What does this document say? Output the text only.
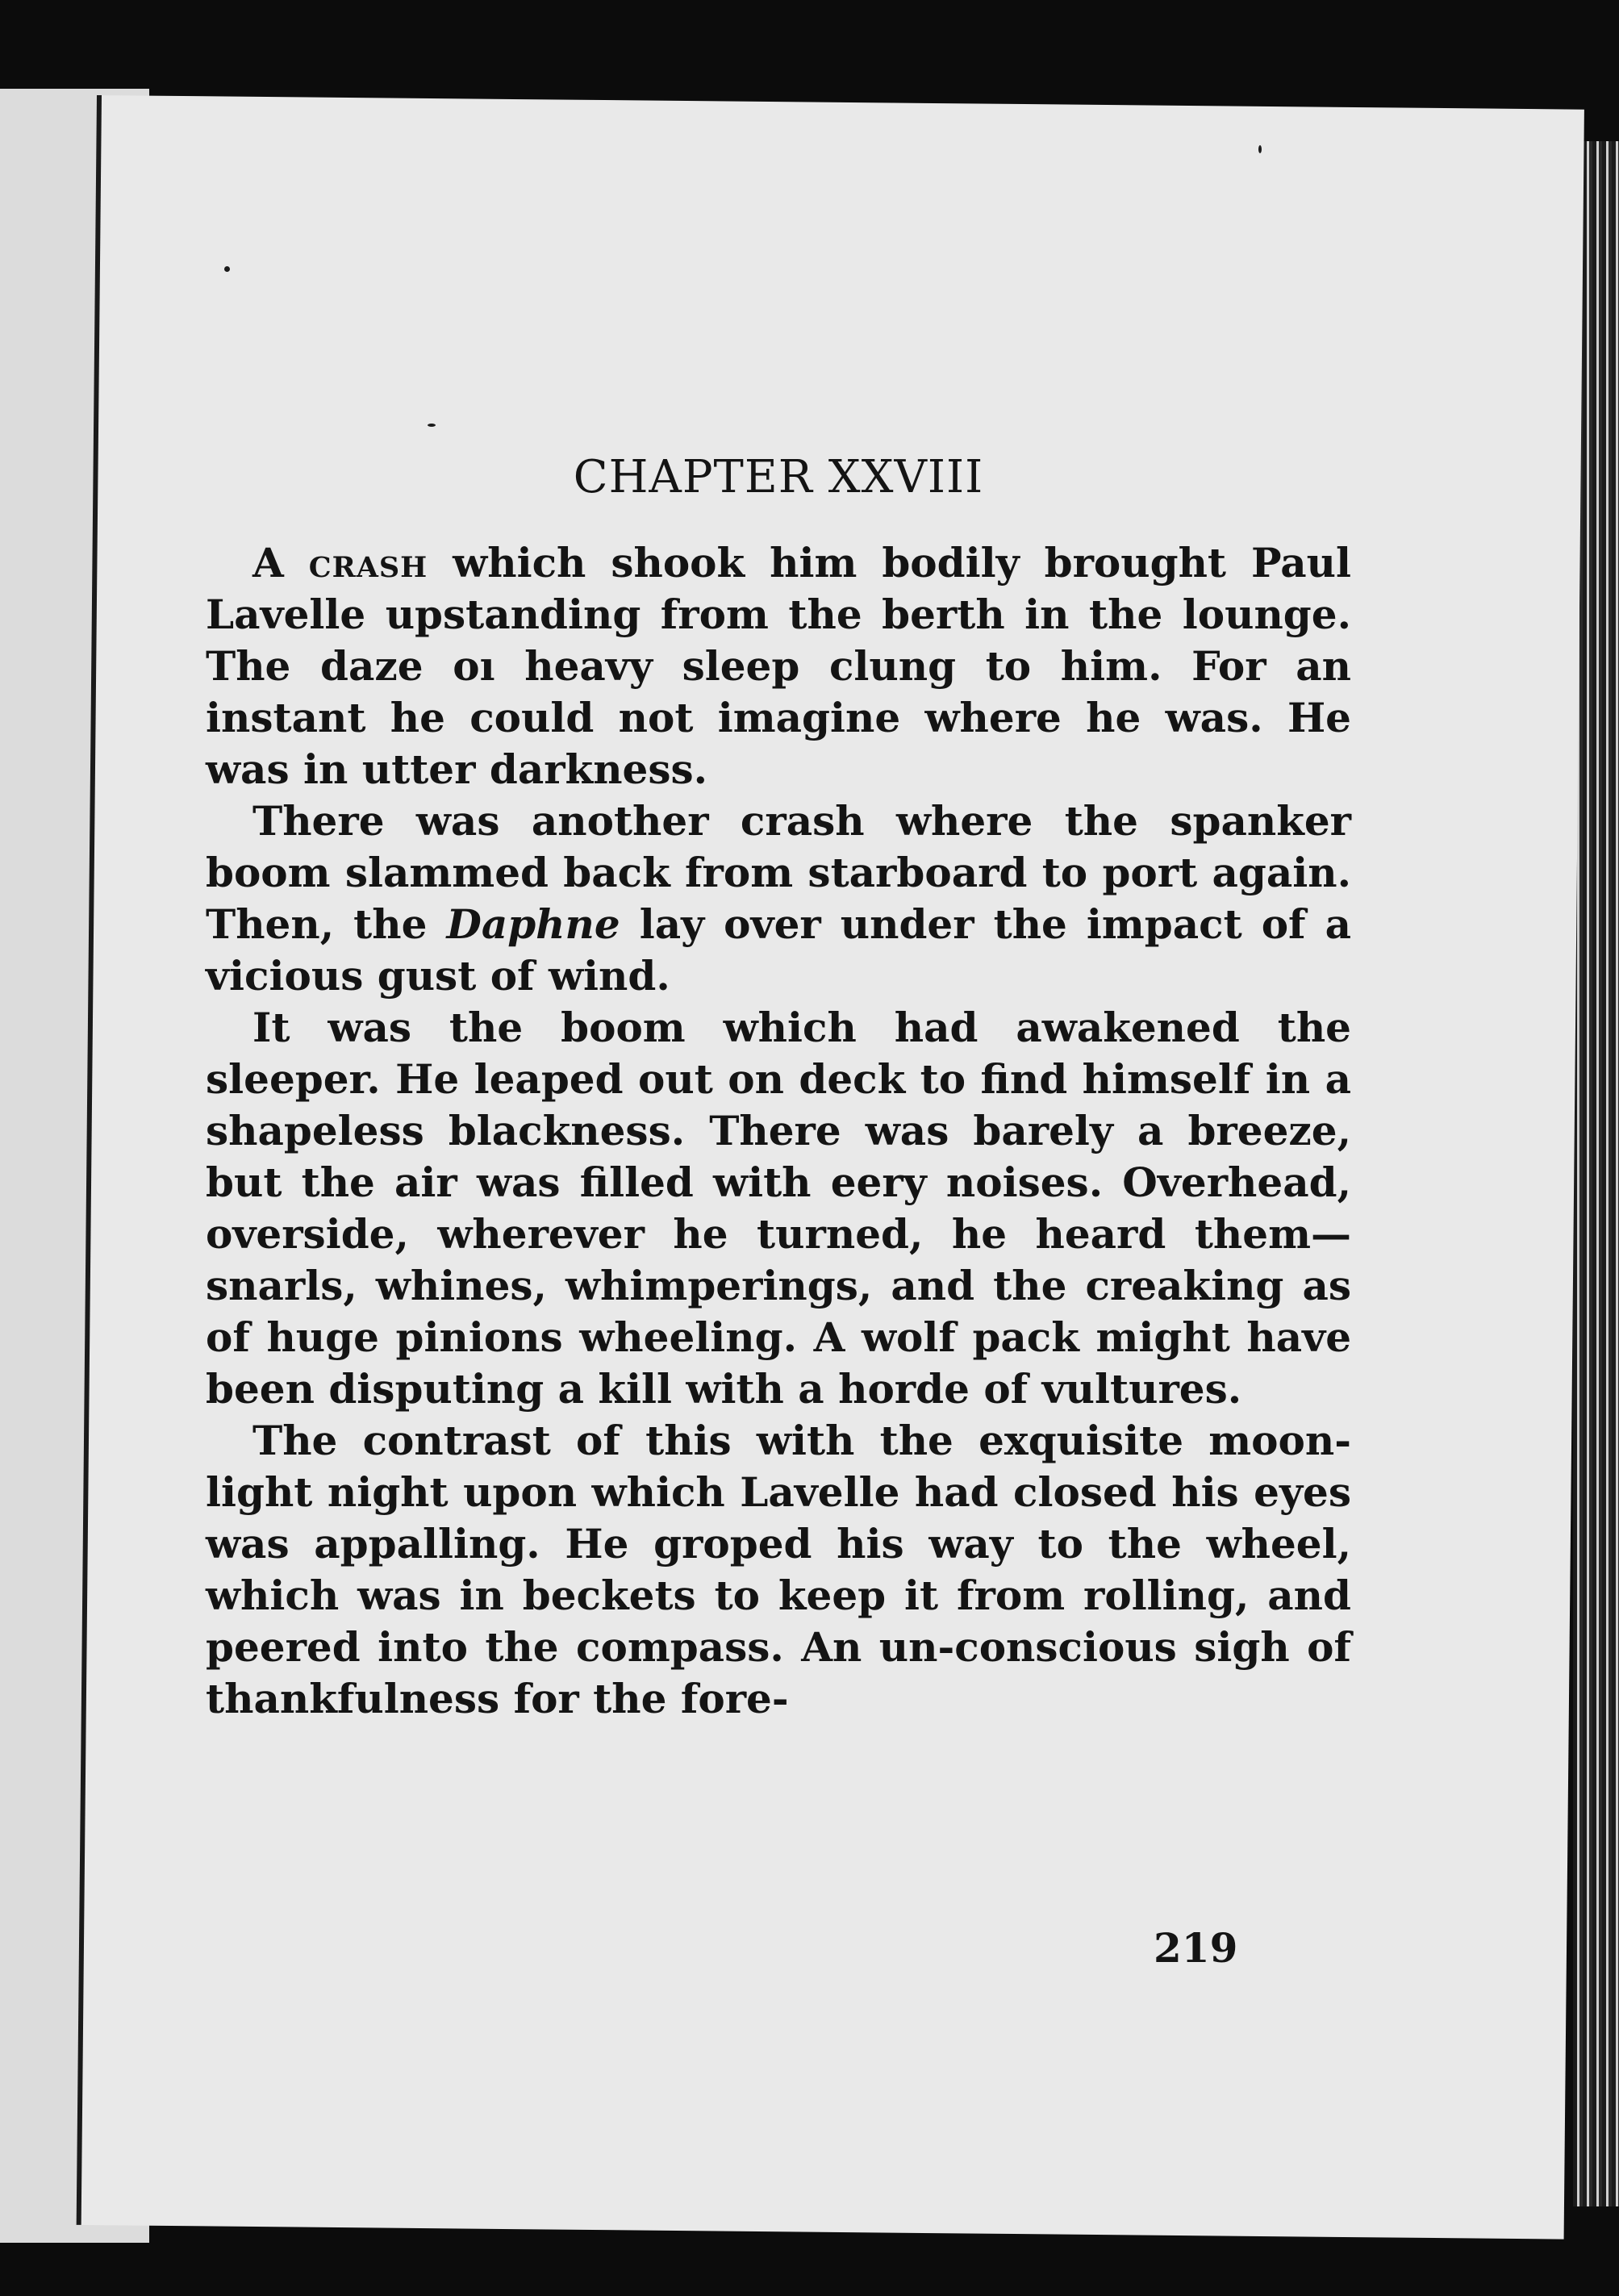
CHAPTER XXVIII

A crash which shook him bodily brought Paul Lavelle upstanding from the berth in the lounge. The daze oı heavy sleep clung to him. For an instant he could not imagine where he was. He was in utter darkness.

There was another crash where the spanker boom slammed back from starboard to port again. Then, the Daphne lay over under the impact of a vicious gust of wind.

It was the boom which had awakened the sleeper. He leaped out on deck to find himself in a shapeless blackness. There was barely a breeze, but the air was filled with eery noises. Overhead, overside, wherever he turned, he heard them—snarls, whines, whimperings, and the creaking as of huge pinions wheeling. A wolf pack might have been disputing a kill with a horde of vultures.

The contrast of this with the exquisite moon-light night upon which Lavelle had closed his eyes was appalling. He groped his way to the wheel, which was in beckets to keep it from rolling, and peered into the compass. An un-conscious sigh of thankfulness for the fore-

219
